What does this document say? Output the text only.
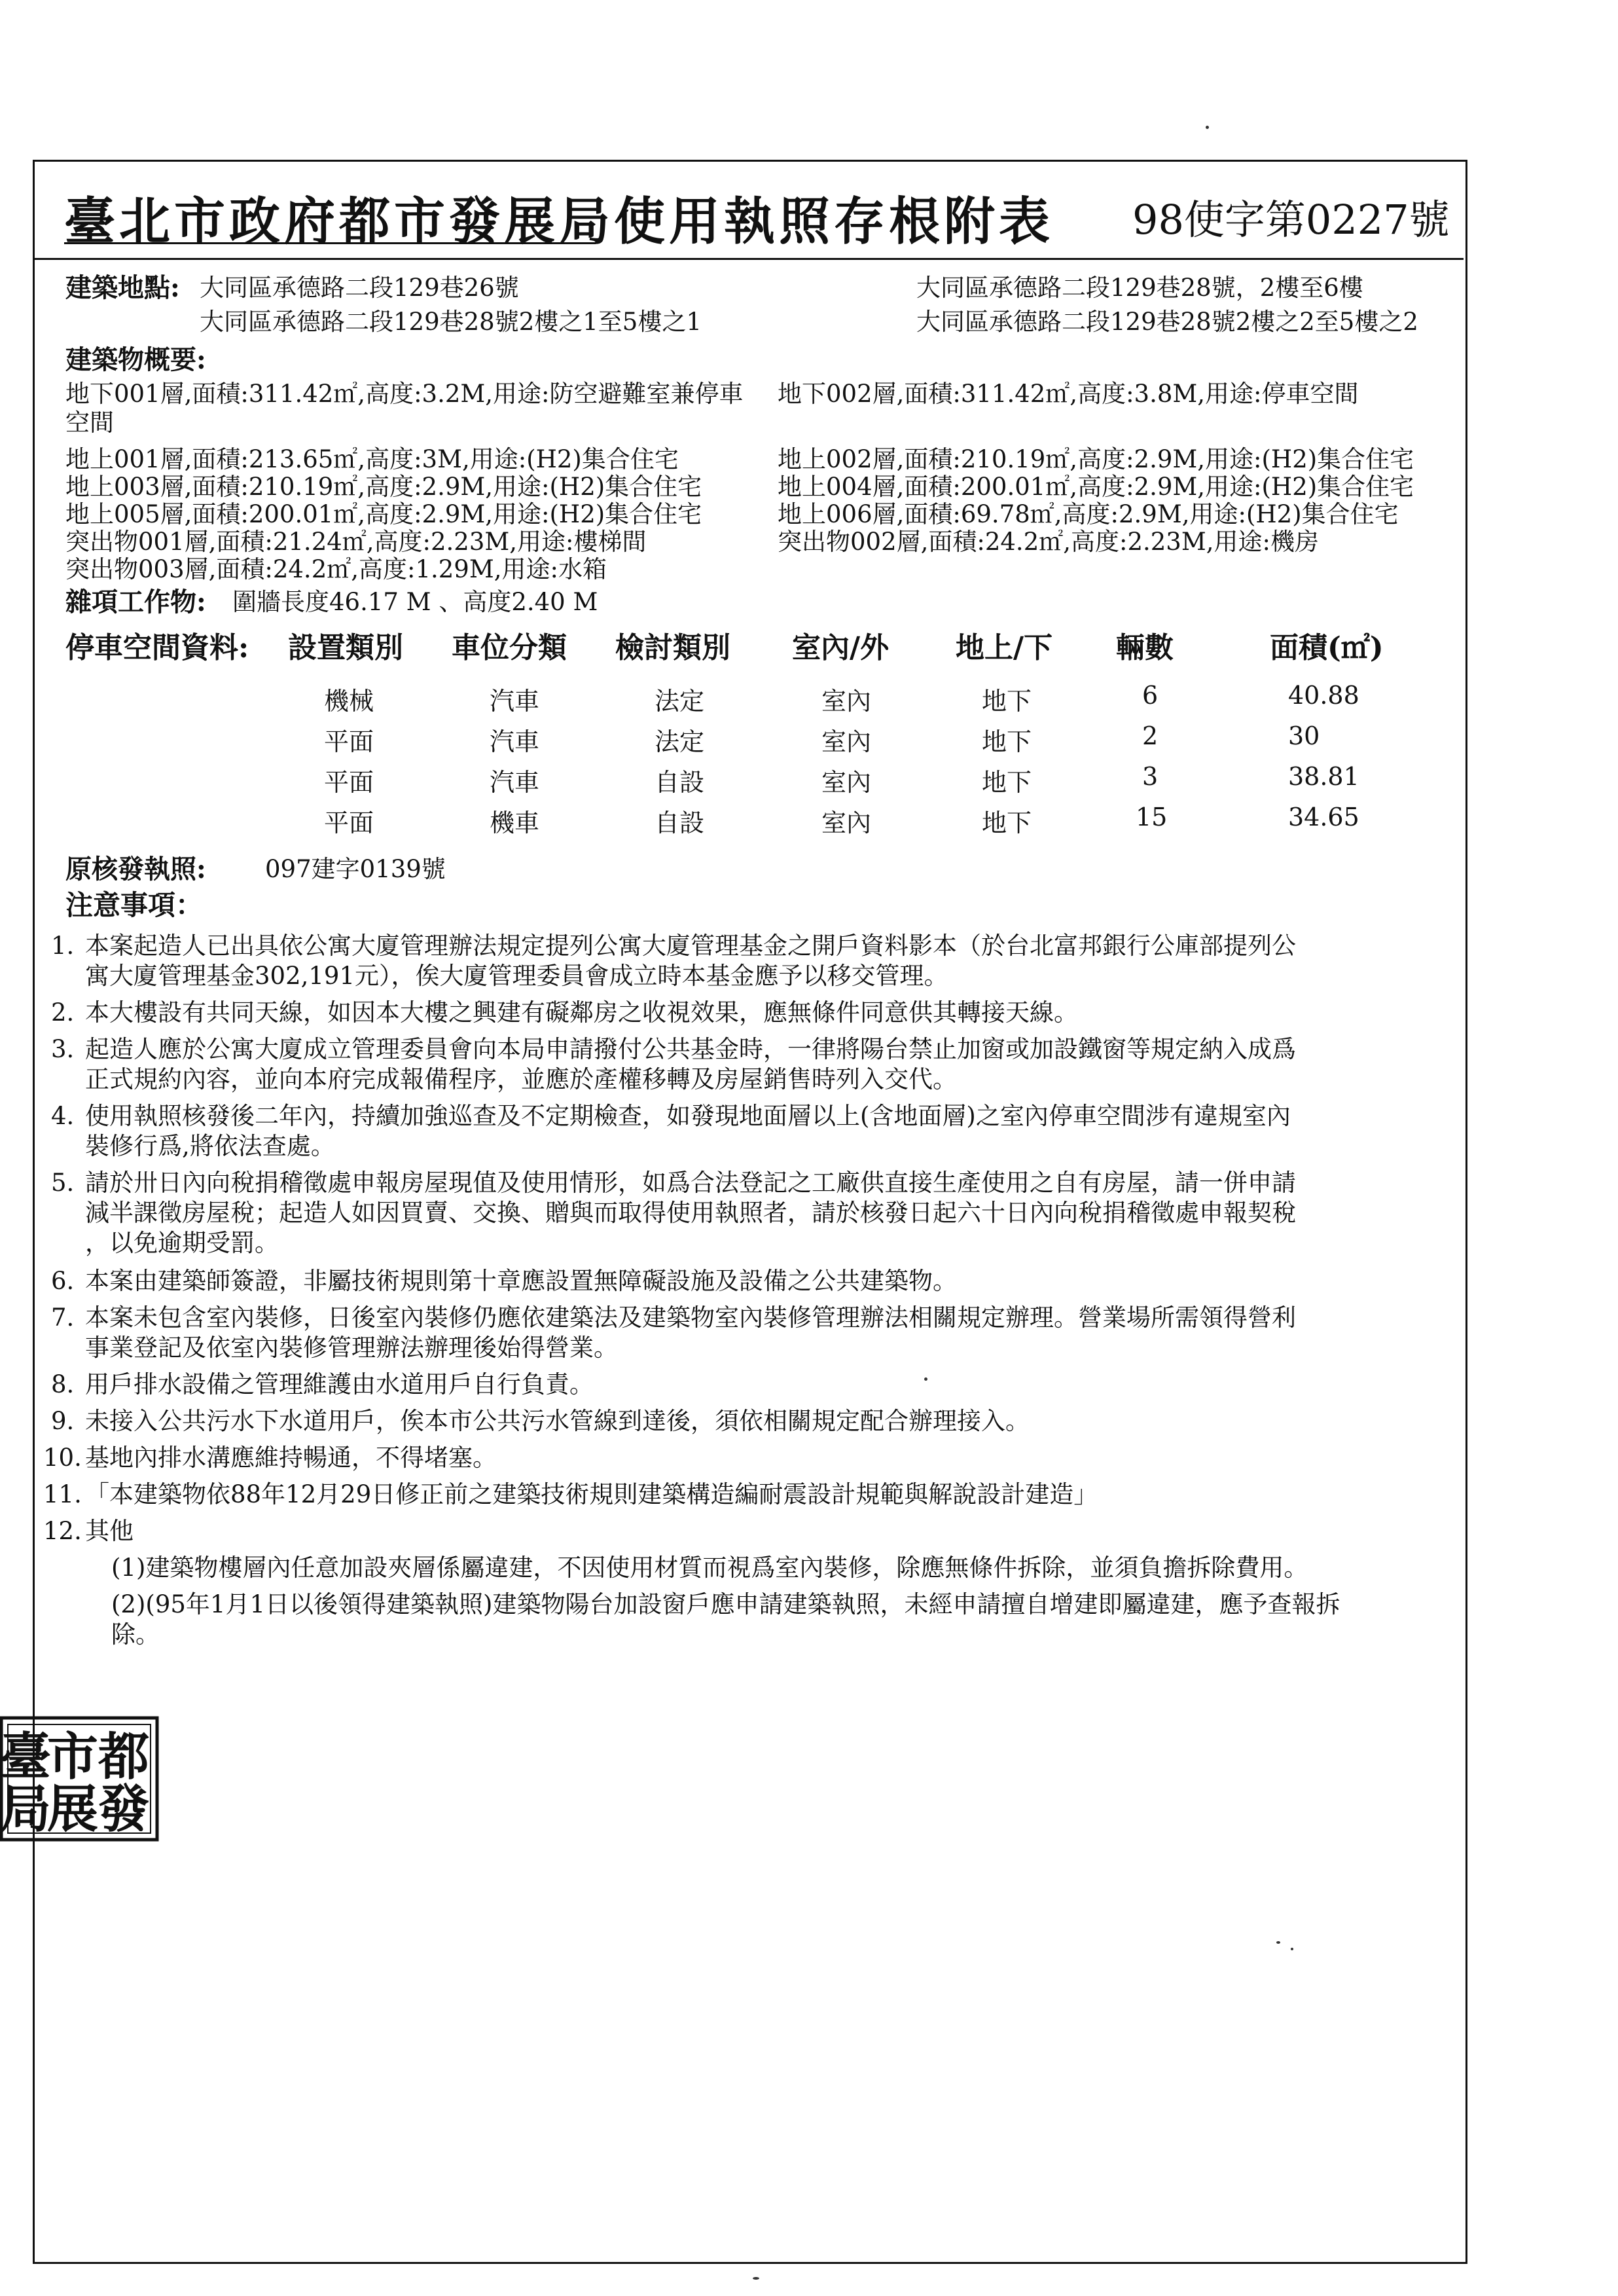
臺北市政府都市發展局使用執照存根附表 98使字第0227號
建築地點: 大同區承德路二段129巷26號	大同區承德路二段129巷28號，2樓至6樓
大同區承德路二段129巷28號2樓之1至5樓之1	大同區承德路二段129巷28號2樓之2至5樓之2
建築物概要:
地下001層,面積:311.42㎡,高度:3.2M,用途:防空避難室兼停車 地下002層,面積:311.42㎡,高度:3.8M,用途:停車空間
空間
地上001層,面積:213.65㎡,高度:3M,用途:(H2)集合住宅	地上002層,面積:210.19㎡,高度:2.9M,用途:(H2)集合住宅
地上003層,面積:210.19㎡,高度:2.9M,用途:(H2)集合住宅	地上004層,面積:200.01㎡,高度:2.9M,用途:(H2)集合住宅
地上005層,面積:200.01㎡,高度:2.9M,用途:(H2)集合住宅	地上006層,面積:69.78㎡,高度:2.9M,用途:(H2)集合住宅
突出物001層,面積:21.24㎡,高度:2.23M,用途:樓梯間	突出物002層,面積:24.2㎡,高度:2.23M,用途:機房
突出物003層,面積:24.2㎡,高度:1.29M,用途:水箱
雜項工作物: 圍牆長度46.17 M 、高度2.40 M
停車空間資料: 設置類別 車位分類 檢討類別 室內/外 地上/下 輛數	面積(㎡)
機械	汽車	法定	室內	地下	6	40.88
平面	汽車	法定	室內	地下	2	30
平面	汽車	自設	室內	地下	3	38.81
平面	機車	自設	室內	地下	15	34.65
原核發執照: 097建字0139號
注意事項：
1. 本案起造人已出具依公寓大廈管理辦法規定提列公寓大廈管理基金之開戶資料影本（於台北富邦銀行公庫部提列公
寓大廈管理基金302,191元），俟大廈管理委員會成立時本基金應予以移交管理。
2. 本大樓設有共同天線，如因本大樓之興建有礙鄰房之收視效果，應無條件同意供其轉接天線。
3. 起造人應於公寓大廈成立管理委員會向本局申請撥付公共基金時，一律將陽台禁止加窗或加設鐵窗等規定納入成爲
正式規約內容，並向本府完成報備程序，並應於產權移轉及房屋銷售時列入交代。
4. 使用執照核發後二年內，持續加強巡查及不定期檢查，如發現地面層以上(含地面層)之室內停車空間涉有違規室內
裝修行爲,將依法查處。
5. 請於卅日內向稅捐稽徵處申報房屋現值及使用情形，如爲合法登記之工廠供直接生產使用之自有房屋，請一併申請
減半課徵房屋稅；起造人如因買賣、交換、贈與而取得使用執照者，請於核發日起六十日內向稅捐稽徵處申報契稅
，以免逾期受罰。
6. 本案由建築師簽證，非屬技術規則第十章應設置無障礙設施及設備之公共建築物。
7. 本案未包含室內裝修，日後室內裝修仍應依建築法及建築物室內裝修管理辦法相關規定辦理。營業場所需領得營利
事業登記及依室內裝修管理辦法辦理後始得營業。
8. 用戶排水設備之管理維護由水道用戶自行負責。
9. 未接入公共污水下水道用戶，俟本市公共污水管線到達後，須依相關規定配合辦理接入。
10. 基地內排水溝應維持暢通，不得堵塞。
11. 「本建築物依88年12月29日修正前之建築技術規則建築構造編耐震設計規範與解說設計建造」
12. 其他
(1)建築物樓層內任意加設夾層係屬違建，不因使用材質而視爲室內裝修，除應無條件拆除，並須負擔拆除費用。
(2)(95年1月1日以後領得建築執照)建築物陽台加設窗戶應申請建築執照，未經申請擅自增建即屬違建，應予查報拆
除。
都
市
臺
發
展
局
